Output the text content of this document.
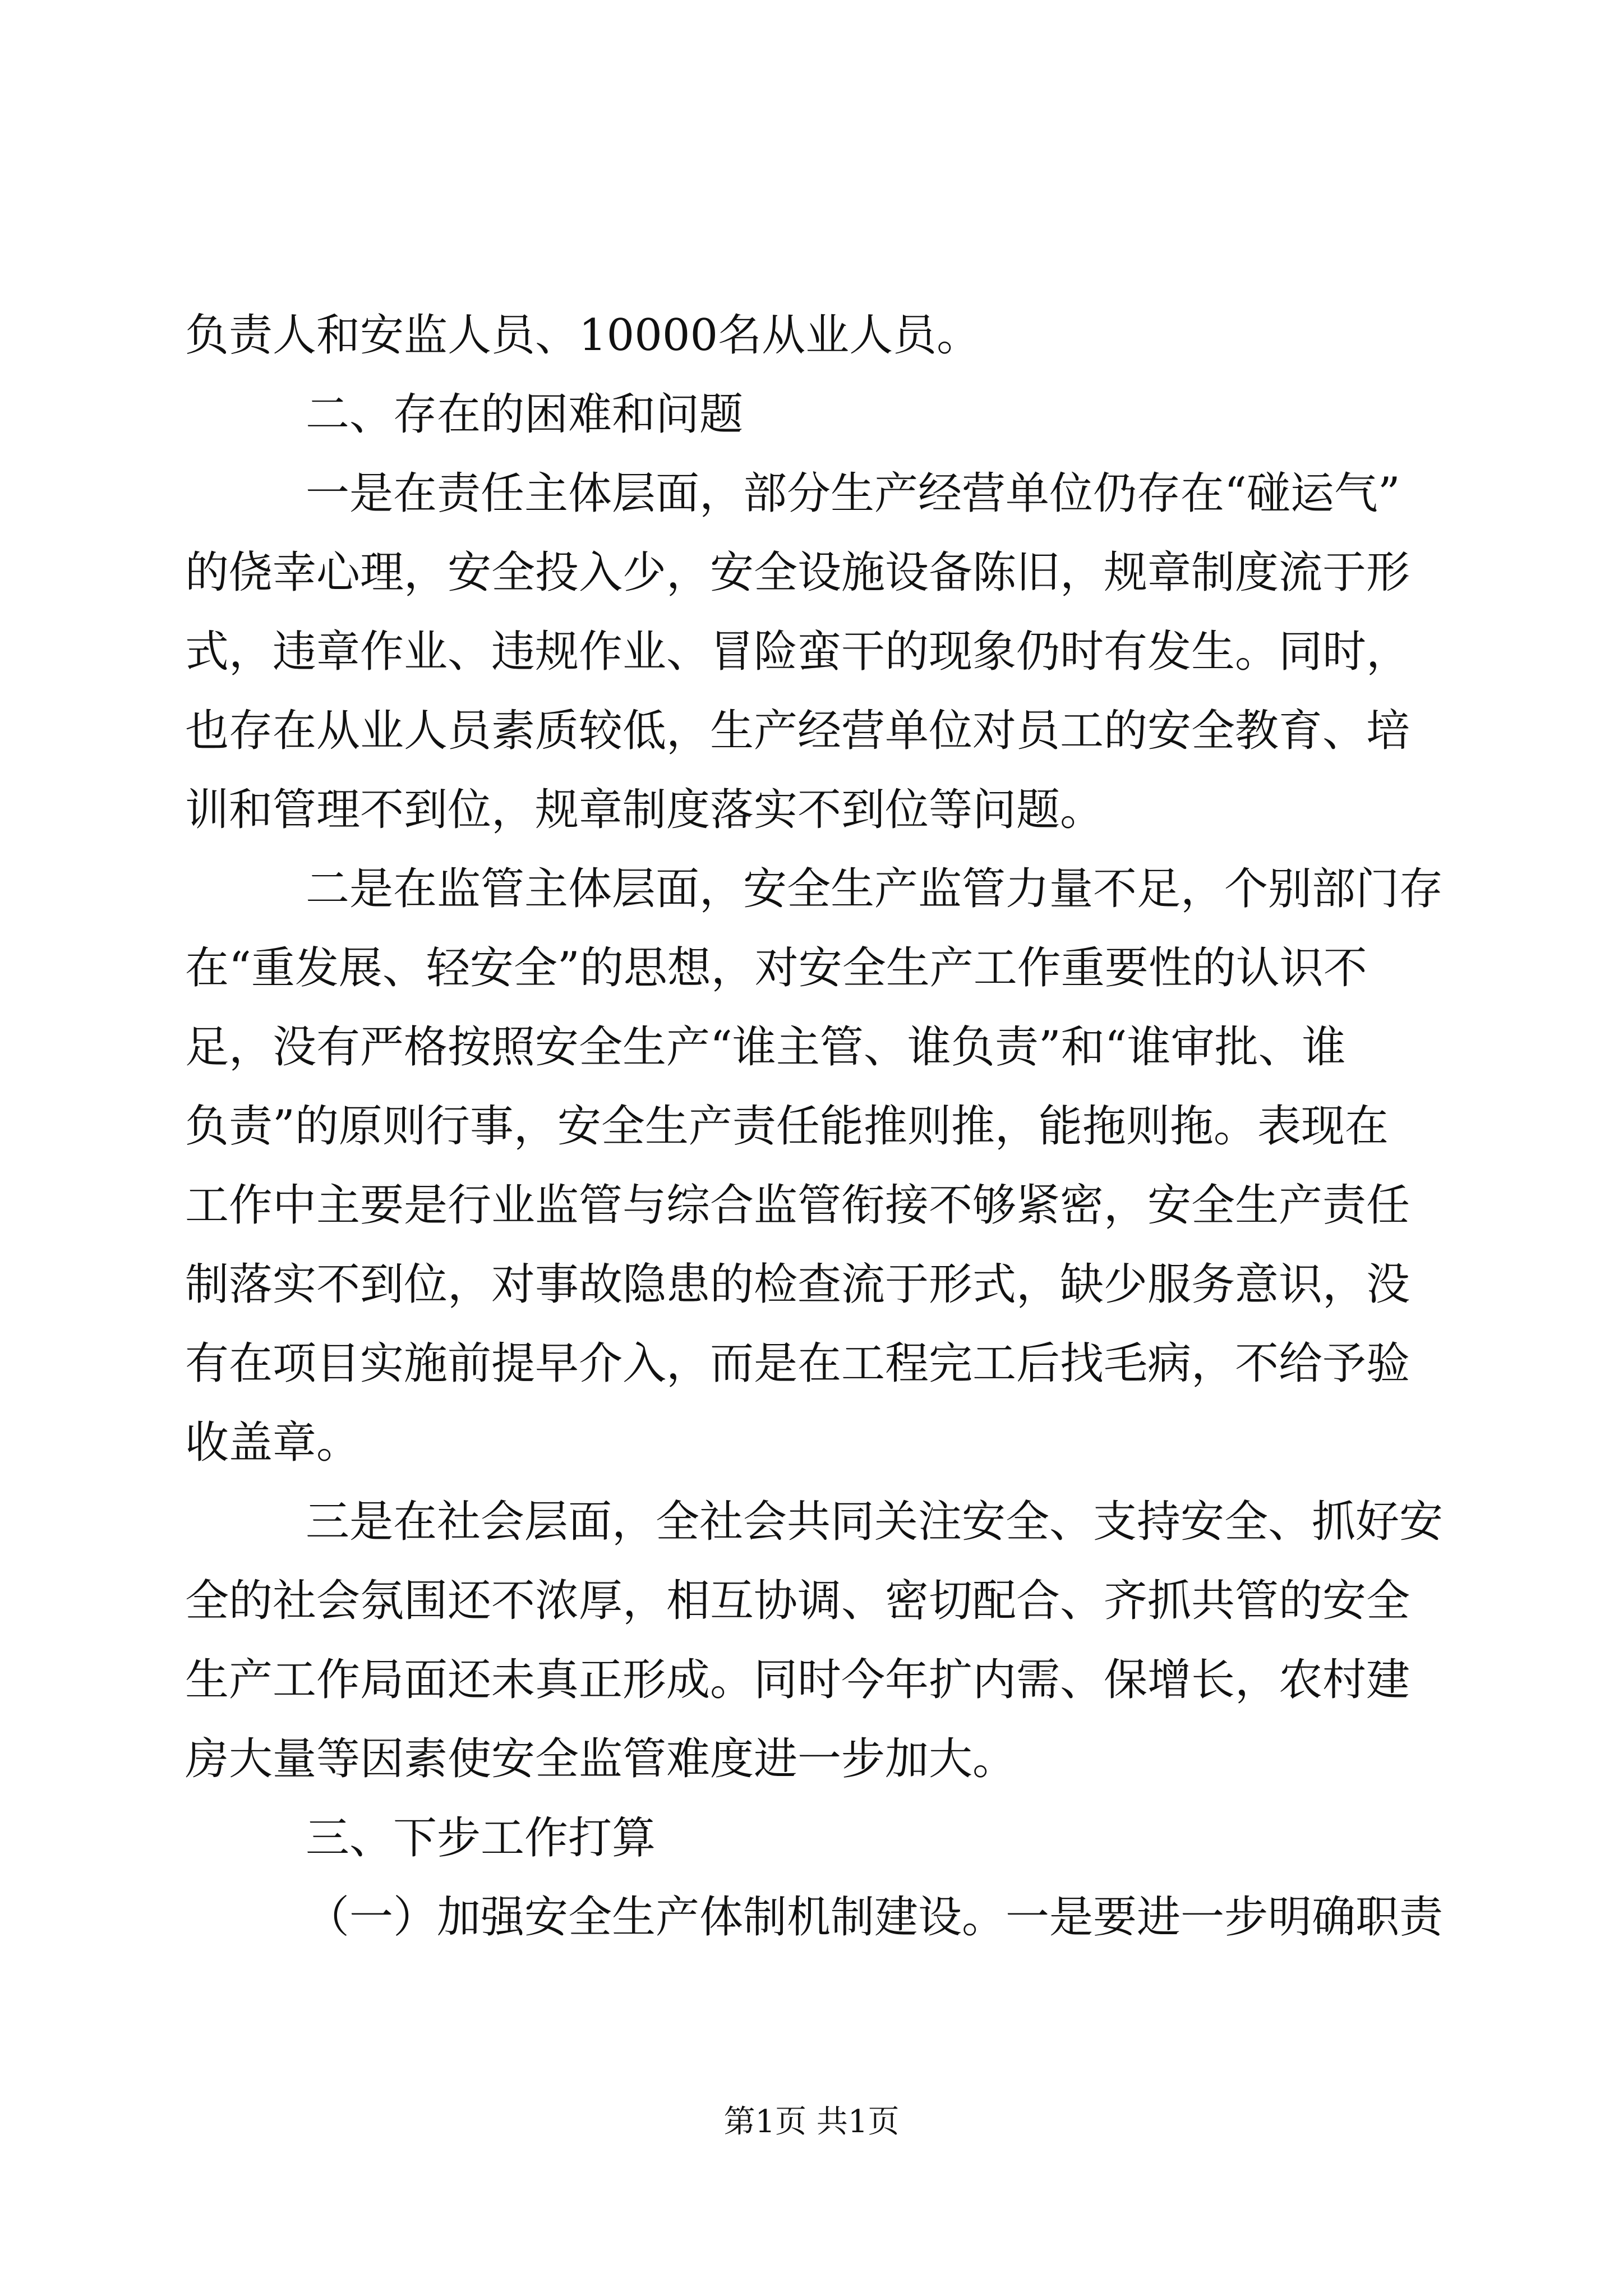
负责人和安监人员、10000名从业人员。
二、存在的困难和问题
一是在责任主体层面，部分生产经营单位仍存在“碰运气”
的侥幸心理，安全投入少，安全设施设备陈旧，规章制度流于形
式，违章作业、违规作业、冒险蛮干的现象仍时有发生。同时，
也存在从业人员素质较低，生产经营单位对员工的安全教育、培
训和管理不到位，规章制度落实不到位等问题。
二是在监管主体层面，安全生产监管力量不足，个别部门存
在“重发展、轻安全”的思想，对安全生产工作重要性的认识不
足，没有严格按照安全生产“谁主管、谁负责”和“谁审批、谁
负责”的原则行事，安全生产责任能推则推，能拖则拖。表现在
工作中主要是行业监管与综合监管衔接不够紧密，安全生产责任
制落实不到位，对事故隐患的检查流于形式，缺少服务意识，没
有在项目实施前提早介入，而是在工程完工后找毛病，不给予验
收盖章。
三是在社会层面，全社会共同关注安全、支持安全、抓好安
全的社会氛围还不浓厚，相互协调、密切配合、齐抓共管的安全
生产工作局面还未真正形成。同时今年扩内需、保增长，农村建
房大量等因素使安全监管难度进一步加大。
三、下步工作打算
（一）加强安全生产体制机制建设。一是要进一步明确职责
第1页 共1页
